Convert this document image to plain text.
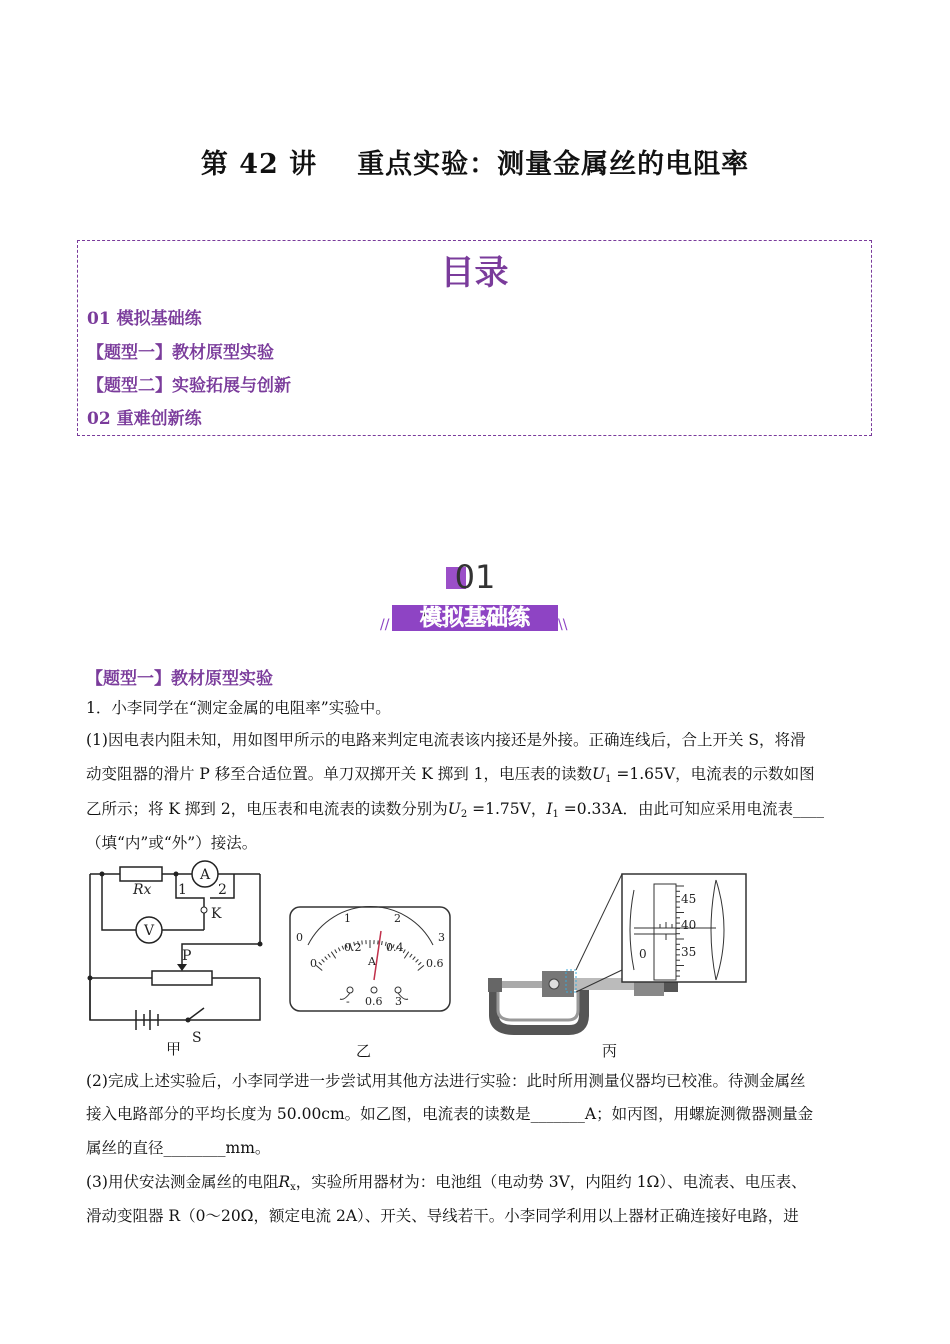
第 42 讲 重点实验：测量金属丝的电阻率
目录
01 模拟基础练
【题型一】教材原型实验
【题型二】实验拓展与创新
02 重难创新练
01
模拟基础练
//	\\
【题型一】教材原型实验
1．小李同学在“测定金属的电阻率”实验中。
(1)因电表内阻未知，用如图甲所示的电路来判定电流表该内接还是外接。正确连线后，合上开关 S，将滑
动变阻器的滑片 P 移至合适位置。单刀双掷开关 K 掷到 1，电压表的读数$U_1 =1.65V$，电流表的示数如图
乙所示；将 K 掷到 2，电压表和电流表的读数分别为$U_2 =1.75V$，$I_1 =0.33A$．由此可知应采用电流表____
（填“内”或“外”）接法。
Rx
A
1 2
K
V
P
S
甲
0
1	2
3
0
0.2 0.4
0.6
A
- 0.6 3
乙
45
40
35
0
丙
(2)完成上述实验后，小李同学进一步尝试用其他方法进行实验：此时所用测量仪器均已校准。待测金属丝
接入电路部分的平均长度为 50.00cm。如乙图，电流表的读数是_______A；如丙图，用螺旋测微器测量金
属丝的直径________mm。
(3)用伏安法测金属丝的电阻$R_x$，实验所用器材为：电池组（电动势 3V，内阻约 1Ω）、电流表、电压表、
滑动变阻器 R（0～20Ω，额定电流 2A）、开关、导线若干。小李同学利用以上器材正确连接好电路，进
